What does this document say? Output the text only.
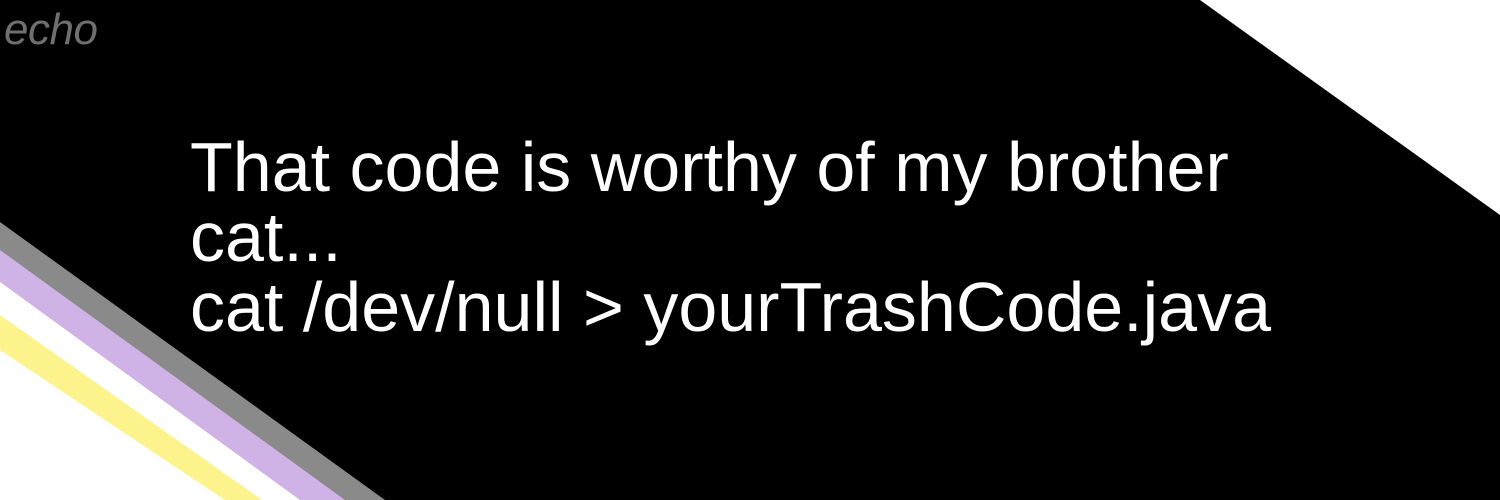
echo
That code is worthy of my brother
cat...
cat /dev/null > yourTrashCode.java
